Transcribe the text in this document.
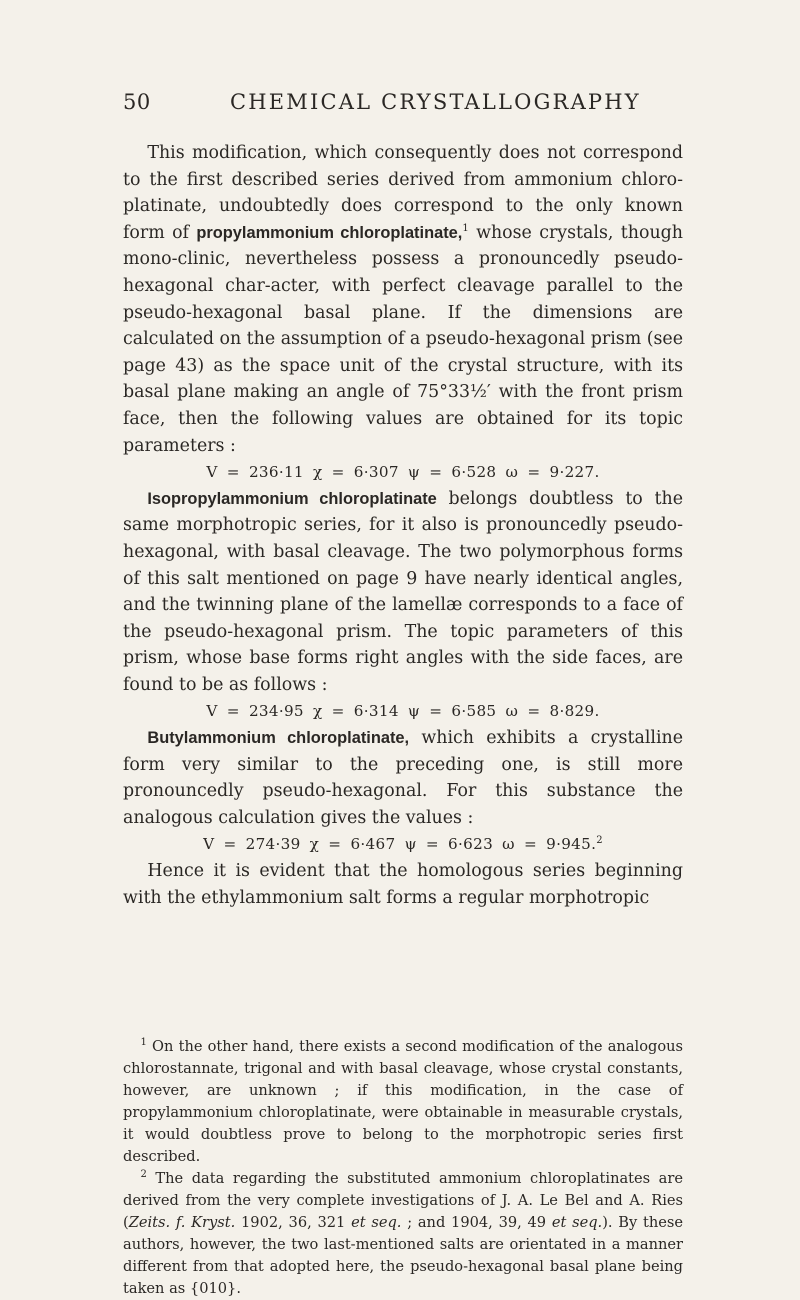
50	CHEMICAL CRYSTALLOGRAPHY

This modification, which consequently does not correspond to the first described series derived from ammonium chloro-platinate, undoubtedly does correspond to the only known form of propylammonium chloroplatinate,$^1$ whose crystals, though mono-clinic, nevertheless possess a pronouncedly pseudo-hexagonal char-acter, with perfect cleavage parallel to the pseudo-hexagonal basal plane. If the dimensions are calculated on the assumption of a pseudo-hexagonal prism (see page 43) as the space unit of the crystal structure, with its basal plane making an angle of 75°33½′ with the front prism face, then the following values are obtained for its topic parameters :

V = 236·11 χ = 6·307 ψ = 6·528 ω = 9·227.

Isopropylammonium chloroplatinate belongs doubtless to the same morphotropic series, for it also is pronouncedly pseudo-hexagonal, with basal cleavage. The two polymorphous forms of this salt mentioned on page 9 have nearly identical angles, and the twinning plane of the lamellæ corresponds to a face of the pseudo-hexagonal prism. The topic parameters of this prism, whose base forms right angles with the side faces, are found to be as follows :

V = 234·95 χ = 6·314 ψ = 6·585 ω = 8·829.

Butylammonium chloroplatinate, which exhibits a crystalline form very similar to the preceding one, is still more pronouncedly pseudo-hexagonal. For this substance the analogous calculation gives the values :

V = 274·39 χ = 6·467 ψ = 6·623 ω = 9·945.$^2$

Hence it is evident that the homologous series beginning with the ethylammonium salt forms a regular morphotropic

$^1$ On the other hand, there exists a second modification of the analogous chlorostannate, trigonal and with basal cleavage, whose crystal constants, however, are unknown ; if this modification, in the case of propylammonium chloroplatinate, were obtainable in measurable crystals, it would doubtless prove to belong to the morphotropic series first described.

$^2$ The data regarding the substituted ammonium chloroplatinates are derived from the very complete investigations of J. A. Le Bel and A. Ries (Zeits. f. Kryst. 1902, 36, 321 et seq. ; and 1904, 39, 49 et seq.). By these authors, however, the two last-mentioned salts are orientated in a manner different from that adopted here, the pseudo-hexagonal basal plane being taken as {010}.
